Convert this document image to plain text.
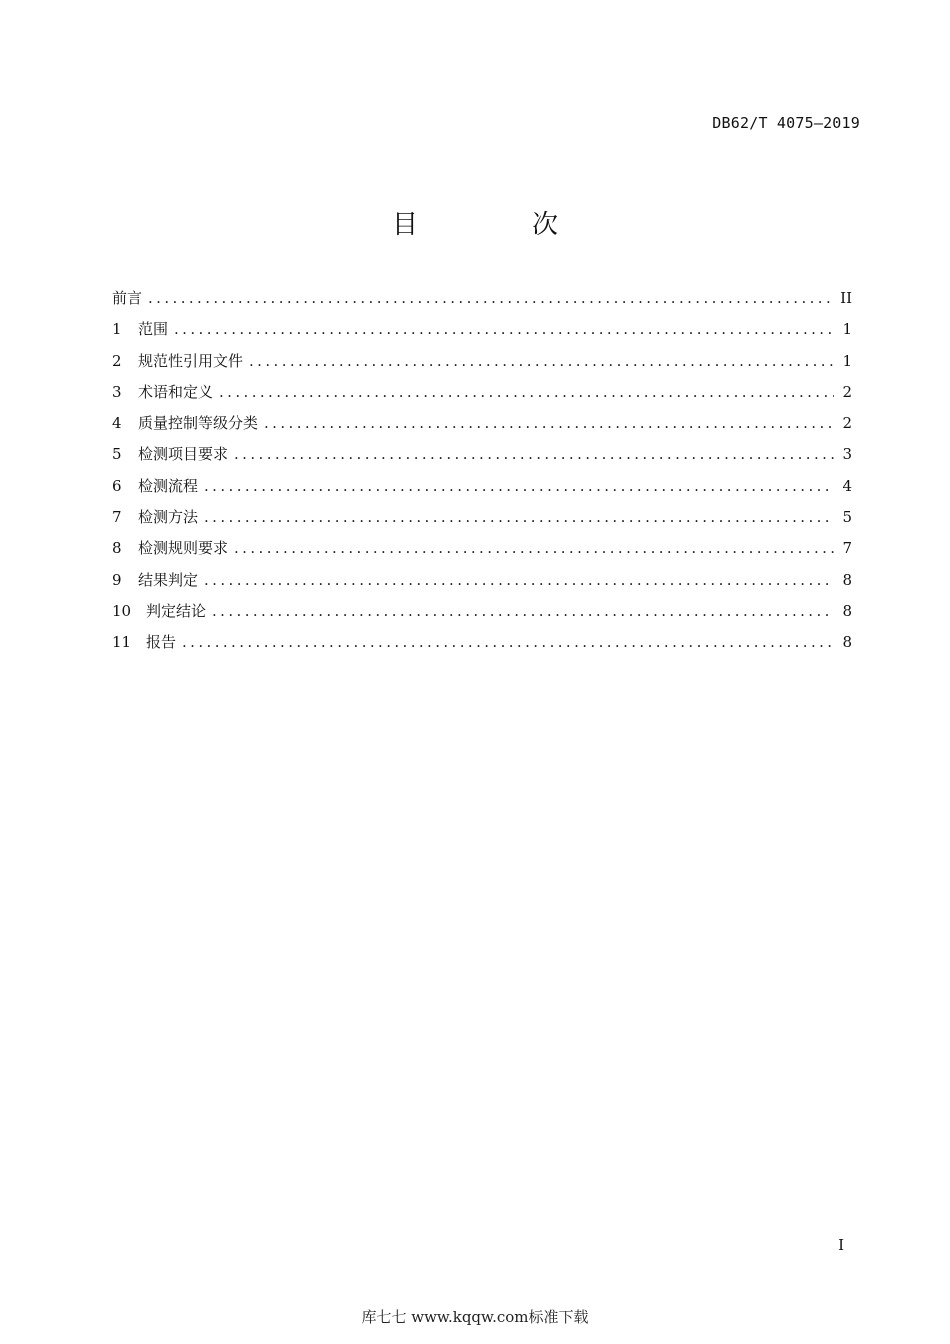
DB62/T 4075—2019
目　次
前言 .....	II
1	范围 .....	1
2	规范性引用文件 .....	1
3	术语和定义 .....	2
4	质量控制等级分类 .....	2
5	检测项目要求 .....	3
6	检测流程 .....	4
7	检测方法 .....	5
8	检测规则要求 .....	7
9	结果判定 .....	8
10 判定结论 .....	8
11 报告 .....	8
I
库七七 www.kqqw.com标准下载
